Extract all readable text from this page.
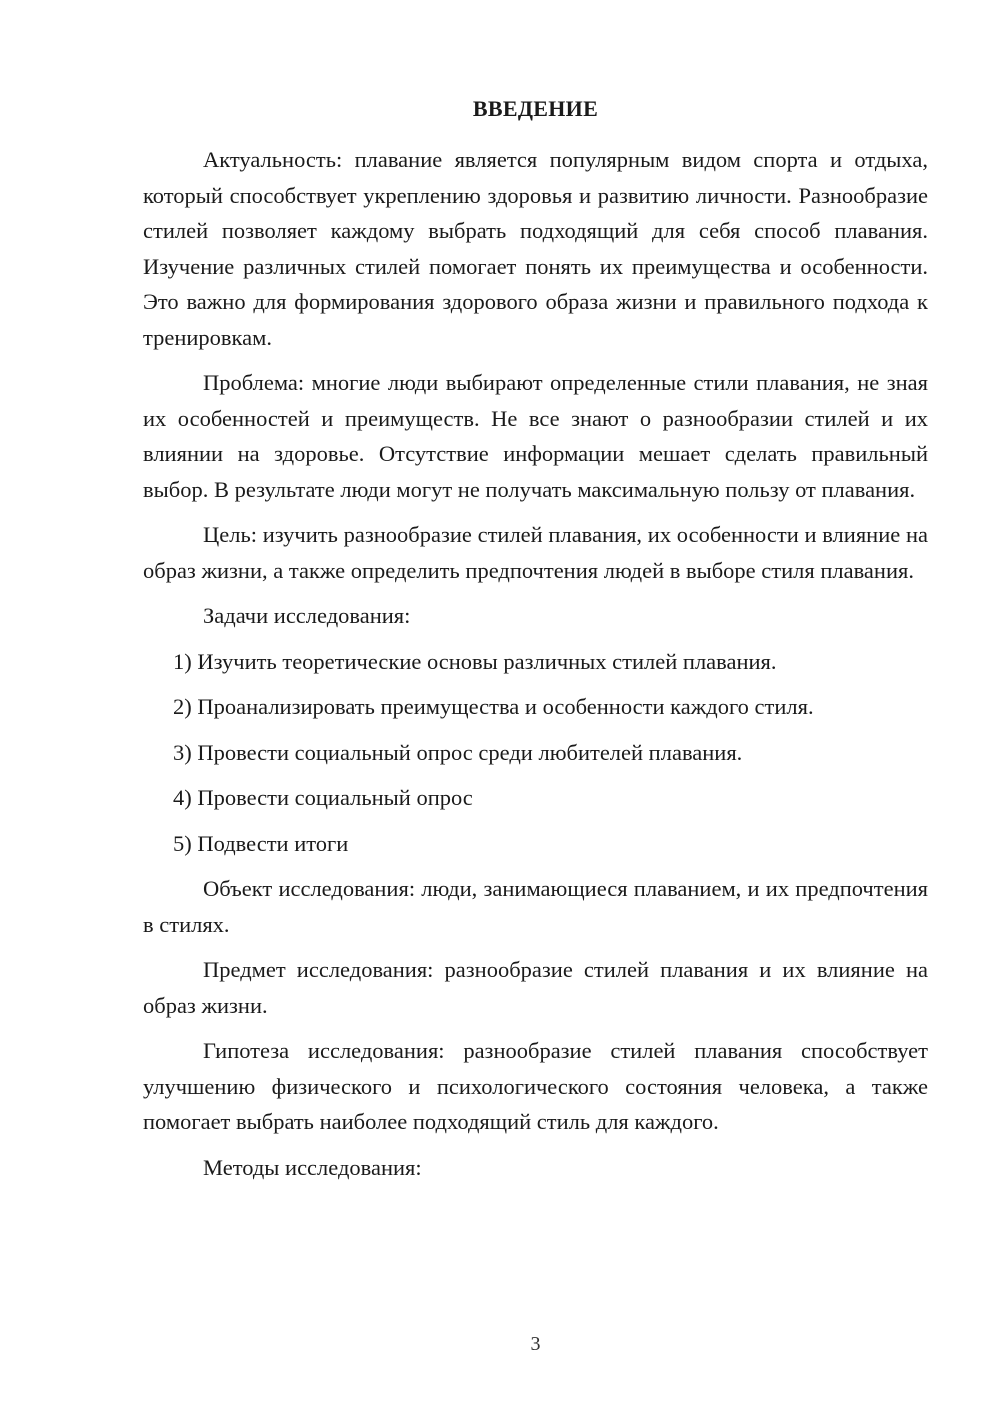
ВВЕДЕНИЕ

Актуальность: плавание является популярным видом спорта и отдыха, который способствует укреплению здоровья и развитию личности. Разнообразие стилей позволяет каждому выбрать подходящий для себя способ плавания. Изучение различных стилей помогает понять их преимущества и особенности. Это важно для формирования здорового образа жизни и правильного подхода к тренировкам.

Проблема: многие люди выбирают определенные стили плавания, не зная их особенностей и преимуществ. Не все знают о разнообразии стилей и их влиянии на здоровье. Отсутствие информации мешает сделать правильный выбор. В результате люди могут не получать максимальную пользу от плавания.

Цель: изучить разнообразие стилей плавания, их особенности и влияние на образ жизни, а также определить предпочтения людей в выборе стиля плавания.

Задачи исследования:

1) Изучить теоретические основы различных стилей плавания.
2) Проанализировать преимущества и особенности каждого стиля.
3) Провести социальный опрос среди любителей плавания.
4) Провести социальный опрос
5) Подвести итоги

Объект исследования: люди, занимающиеся плаванием, и их предпочтения в стилях.

Предмет исследования: разнообразие стилей плавания и их влияние на образ жизни.

Гипотеза исследования: разнообразие стилей плавания способствует улучшению физического и психологического состояния человека, а также помогает выбрать наиболее подходящий стиль для каждого.

Методы исследования:

3
